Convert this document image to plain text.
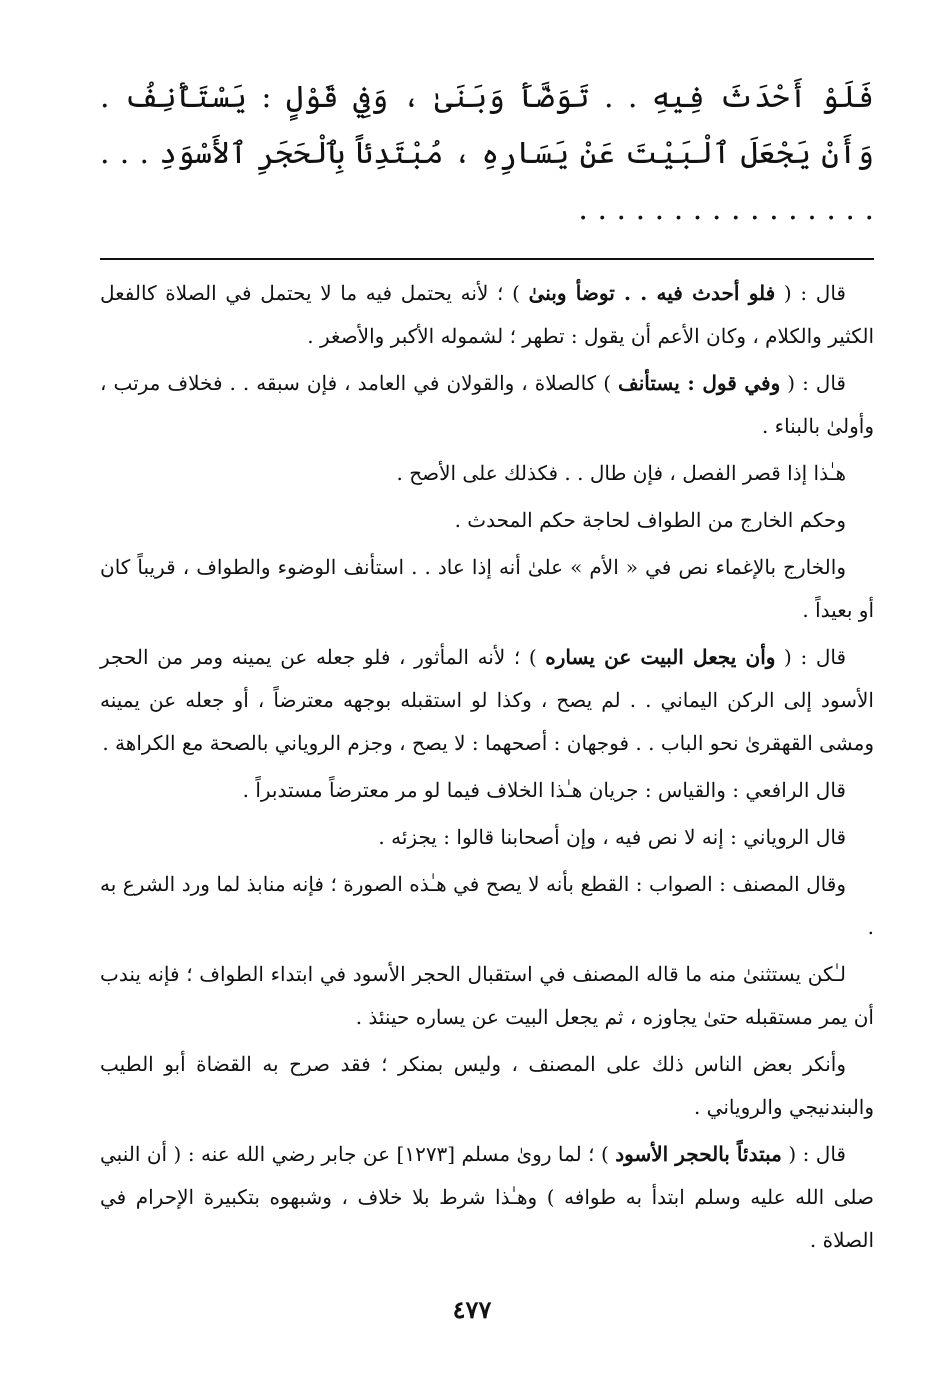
فَلَوْ أَحْدَثَ فِيهِ . . تَوَضَّأَ وَبَنَىٰ ، وَفِي قَوْلٍ : يَسْتَأْنِفُ . وَأَنْ يَجْعَلَ ٱلْبَيْتَ عَنْ يَسَارِهِ ، مُبْتَدِئاً بِٱلْحَجَرِ ٱلأَسْوَدِ . . . . . . . . . . . . . . . . . . .

قال : ( فلو أحدث فيه . . توضأ وبنىٰ ) ؛ لأنه يحتمل فيه ما لا يحتمل في الصلاة كالفعل الكثير والكلام ، وكان الأعم أن يقول : تطهر ؛ لشموله الأكبر والأصغر .

قال : ( وفي قول : يستأنف ) كالصلاة ، والقولان في العامد ، فإن سبقه . . فخلاف مرتب ، وأولىٰ بالبناء .

هـٰذا إذا قصر الفصل ، فإن طال . . فكذلك على الأصح .

وحكم الخارج من الطواف لحاجة حكم المحدث .

والخارج بالإغماء نص في « الأم » علىٰ أنه إذا عاد . . استأنف الوضوء والطواف ، قريباً كان أو بعيداً .

قال : ( وأن يجعل البيت عن يساره ) ؛ لأنه المأثور ، فلو جعله عن يمينه ومر من الحجر الأسود إلى الركن اليماني . . لم يصح ، وكذا لو استقبله بوجهه معترضاً ، أو جعله عن يمينه ومشى القهقرىٰ نحو الباب . . فوجهان : أصحهما : لا يصح ، وجزم الروياني بالصحة مع الكراهة .

قال الرافعي : والقياس : جريان هـٰذا الخلاف فيما لو مر معترضاً مستدبراً .

قال الروياني : إنه لا نص فيه ، وإن أصحابنا قالوا : يجزئه .

وقال المصنف : الصواب : القطع بأنه لا يصح في هـٰذه الصورة ؛ فإنه منابذ لما ورد الشرع به .

لـٰكن يستثنىٰ منه ما قاله المصنف في استقبال الحجر الأسود في ابتداء الطواف ؛ فإنه يندب أن يمر مستقبله حتىٰ يجاوزه ، ثم يجعل البيت عن يساره حينئذ .

وأنكر بعض الناس ذلك على المصنف ، وليس بمنكر ؛ فقد صرح به القضاة أبو الطيب والبندنيجي والروياني .

قال : ( مبتدئاً بالحجر الأسود ) ؛ لما روىٰ مسلم [١٢٧٣] عن جابر رضي الله عنه : ( أن النبي صلى الله عليه وسلم ابتدأ به طوافه ) وهـٰذا شرط بلا خلاف ، وشبهوه بتكبيرة الإحرام في الصلاة .

٤٧٧
